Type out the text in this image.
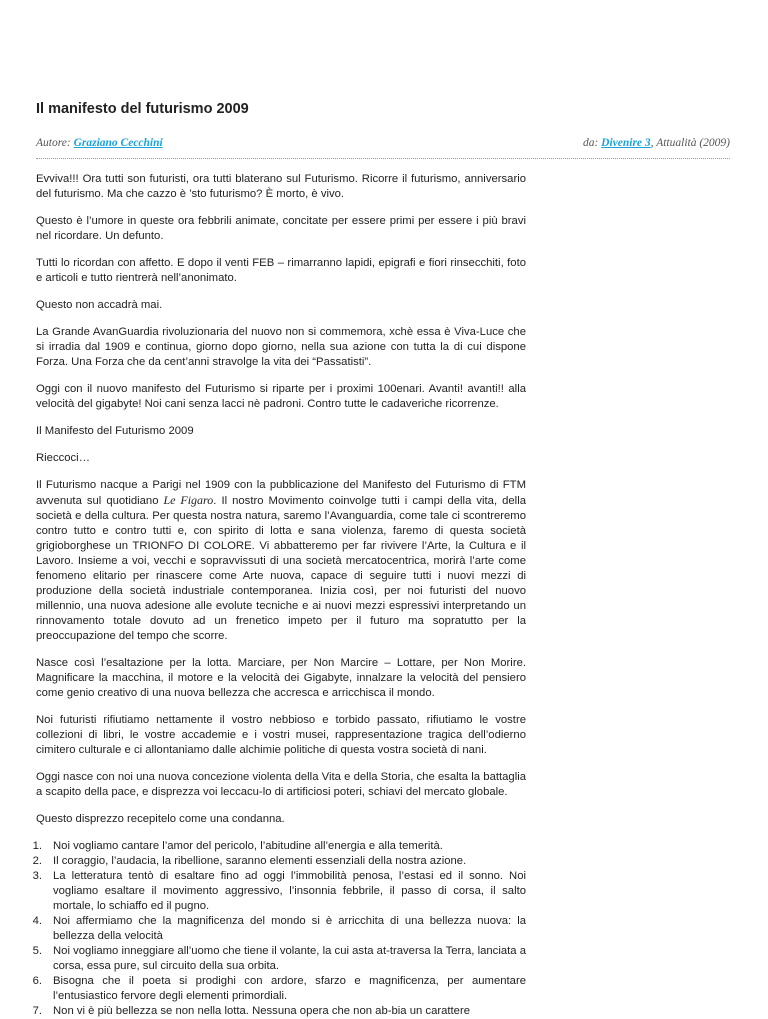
Il manifesto del futurismo 2009
Autore: Graziano Cecchini	da: Divenire 3, Attualità (2009)

Evviva!!! Ora tutti son futuristi, ora tutti blaterano sul Futurismo. Ricorre il futurismo, anniversario del futurismo. Ma che cazzo è ’sto futurismo? È morto, è vivo.

Questo è l’umore in queste ora febbrili animate, concitate per essere primi per essere i più bravi nel ricordare. Un defunto.

Tutti lo ricordan con affetto. E dopo il venti FEB – rimarranno lapidi, epigrafi e fiori rinsecchiti, foto e articoli e tutto rientrerà nell’anonimato.

Questo non accadrà mai.

La Grande AvanGuardia rivoluzionaria del nuovo non si commemora, xchè essa è Viva-Luce che si irradia dal 1909 e continua, giorno dopo giorno, nella sua azione con tutta la di cui dispone Forza. Una Forza che da cent’anni stravolge la vita dei “Passatisti”.

Oggi con il nuovo manifesto del Futurismo si riparte per i proximi 100enari. Avanti! avanti!! alla velocità del gigabyte! Noi cani senza lacci nè padroni. Contro tutte le cadaveriche ricorrenze.

Il Manifesto del Futurismo 2009

Rieccoci…

Il Futurismo nacque a Parigi nel 1909 con la pubblicazione del Manifesto del Futurismo di FTM avvenuta sul quotidiano Le Figaro. Il nostro Movimento coinvolge tutti i campi della vita, della società e della cultura. Per questa nostra natura, saremo l’Avanguardia, come tale ci scontreremo contro tutto e contro tutti e, con spirito di lotta e sana violenza, faremo di questa società grigioborghese un TRIONFO DI COLORE. Vi abbatteremo per far rivivere l’Arte, la Cultura e il Lavoro. Insieme a voi, vecchi e sopravvissuti di una società mercatocentrica, morirà l’arte come fenomeno elitario per rinascere come Arte nuova, capace di seguire tutti i nuovi mezzi di produzione della società industriale contemporanea. Inizia così, per noi futuristi del nuovo millennio, una nuova adesione alle evolute tecniche e ai nuovi mezzi espressivi interpretando un rinnovamento totale dovuto ad un frenetico impeto per il futuro ma sopratutto per la preoccupazione del tempo che scorre.

Nasce così l’esaltazione per la lotta. Marciare, per Non Marcire – Lottare, per Non Morire. Magnificare la macchina, il motore e la velocità dei Gigabyte, innalzare la velocità del pensiero come genio creativo di una nuova bellezza che accresca e arricchisca il mondo.

Noi futuristi rifiutiamo nettamente il vostro nebbioso e torbido passato, rifiutiamo le vostre collezioni di libri, le vostre accademie e i vostri musei, rappresentazione tragica dell’odierno cimitero culturale e ci allontaniamo dalle alchimie politiche di questa vostra società di nani.

Oggi nasce con noi una nuova concezione violenta della Vita e della Storia, che esalta la battaglia a scapito della pace, e disprezza voi leccacu-lo di artificiosi poteri, schiavi del mercato globale.

Questo disprezzo recepitelo come una condanna.

1. Noi vogliamo cantare l’amor del pericolo, l’abitudine all’energia e alla temerità.
2. Il coraggio, l’audacia, la ribellione, saranno elementi essenziali della nostra azione.
3. La letteratura tentò di esaltare fino ad oggi l’immobilità penosa, l’estasi ed il sonno. Noi vogliamo esaltare il movimento aggressivo, l’insonnia febbrile, il passo di corsa, il salto mortale, lo schiaffo ed il pugno.
4. Noi affermiamo che la magnificenza del mondo si è arricchita di una bellezza nuova: la bellezza della velocità
5. Noi vogliamo inneggiare all’uomo che tiene il volante, la cui asta at-traversa la Terra, lanciata a corsa, essa pure, sul circuito della sua orbita.
6. Bisogna che il poeta si prodighi con ardore, sfarzo e magnificenza, per aumentare l’entusiastico fervore degli elementi primordiali.
7. Non vi è più bellezza se non nella lotta. Nessuna opera che non ab-bia un carattere
